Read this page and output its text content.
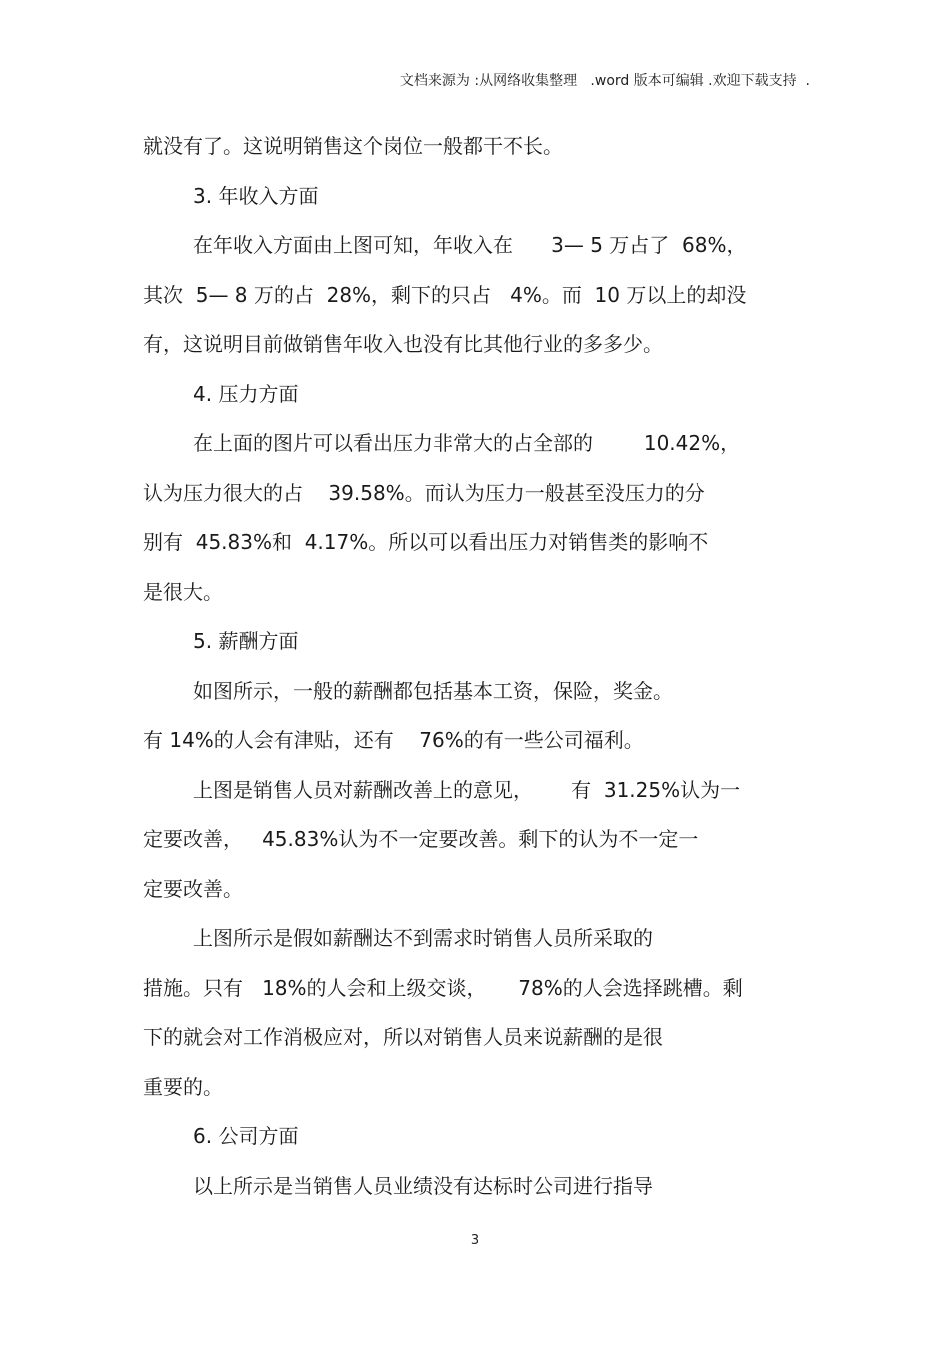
文档来源为 :从网络收集整理   .word 版本可编辑 .欢迎下载支持  .
就没有了。这说明销售这个岗位一般都干不长。
3. 年收入方面
在年收入方面由上图可知，年收入在      3— 5 万占了  68%，
其次  5— 8 万的占  28%，剩下的只占   4%。而  10 万以上的却没
有，这说明目前做销售年收入也没有比其他行业的多多少。
4. 压力方面
在上面的图片可以看出压力非常大的占全部的        10.42%，
认为压力很大的占    39.58%。而认为压力一般甚至没压力的分
别有  45.83%和  4.17%。所以可以看出压力对销售类的影响不
是很大。
5. 薪酬方面
如图所示，一般的薪酬都包括基本工资，保险，奖金。
有 14%的人会有津贴，还有    76%的有一些公司福利。
上图是销售人员对薪酬改善上的意见，      有  31.25%认为一
定要改善，   45.83%认为不一定要改善。剩下的认为不一定一
定要改善。
上图所示是假如薪酬达不到需求时销售人员所采取的
措施。只有   18%的人会和上级交谈，     78%的人会选择跳槽。剩
下的就会对工作消极应对，所以对销售人员来说薪酬的是很
重要的。
6. 公司方面
以上所示是当销售人员业绩没有达标时公司进行指导
3
